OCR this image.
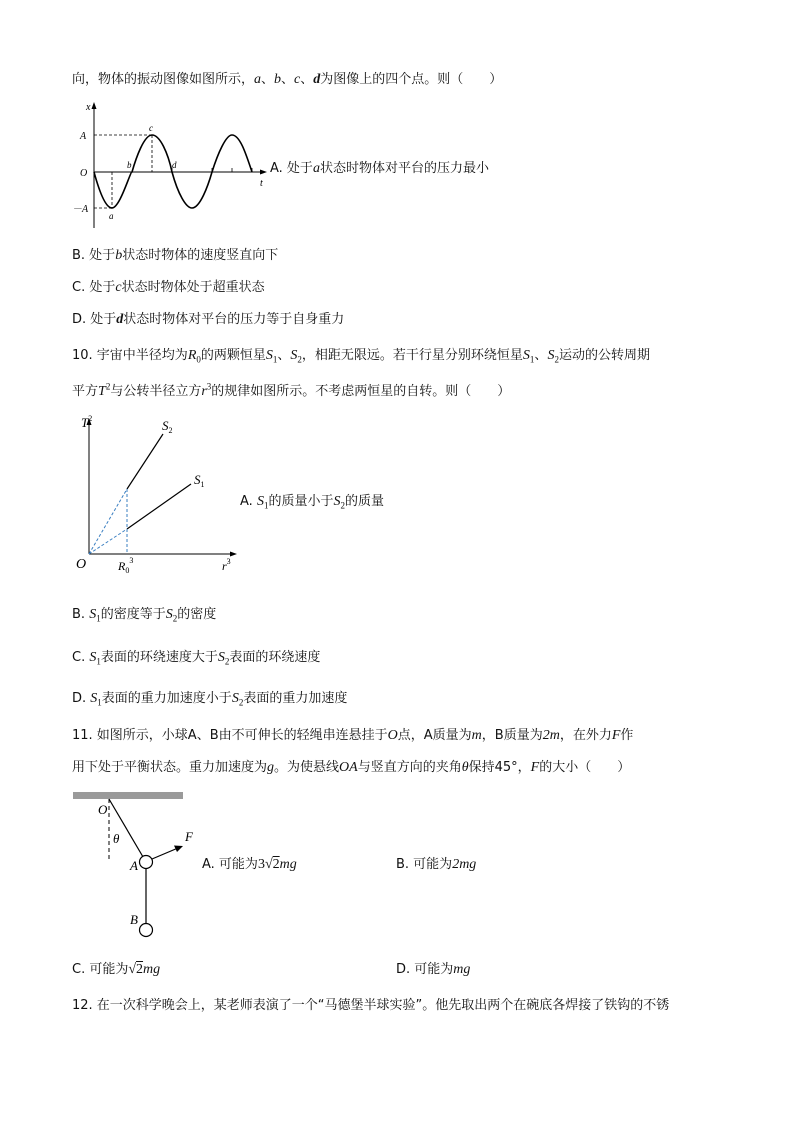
向，物体的振动图像如图所示，a、b、c、d为图像上的四个点。则（　　）
x
t
A
－A
O
a
b
c
d	A. 处于a状态时物体对平台的压力最小
B. 处于b状态时物体的速度竖直向下
C. 处于c状态时物体处于超重状态
D. 处于d状态时物体对平台的压力等于自身重力
10. 宇宙中半径均为$R_0$的两颗恒星$S_1$、$S_2$，相距无限远。若干行星分别环绕恒星$S_1$、$S_2$运动的公转周期
平方$T^2$与公转半径立方$r^3$的规律如图所示。不考虑两恒星的自转。则（　　）
$T^2$	$S_2$
$S_1$
O	$R_0^3$	$r^3$
A. $S_1$的质量小于$S_2$的质量
B. $S_1$的密度等于$S_2$的密度
C. $S_1$表面的环绕速度大于$S_2$表面的环绕速度
D. $S_1$表面的重力加速度小于$S_2$表面的重力加速度
11. 如图所示，小球A、B由不可伸长的轻绳串连悬挂于O点，A质量为m，B质量为2m，在外力F作
用下处于平衡状态。重力加速度为g。为使悬线OA与竖直方向的夹角θ保持45°，F的大小（　　）
O
θ	F
A
B
A. 可能为3√2mg	B. 可能为2mg
C. 可能为√2mg	D. 可能为mg
12. 在一次科学晚会上，某老师表演了一个“马德堡半球实验”。他先取出两个在碗底各焊接了铁钩的不锈
